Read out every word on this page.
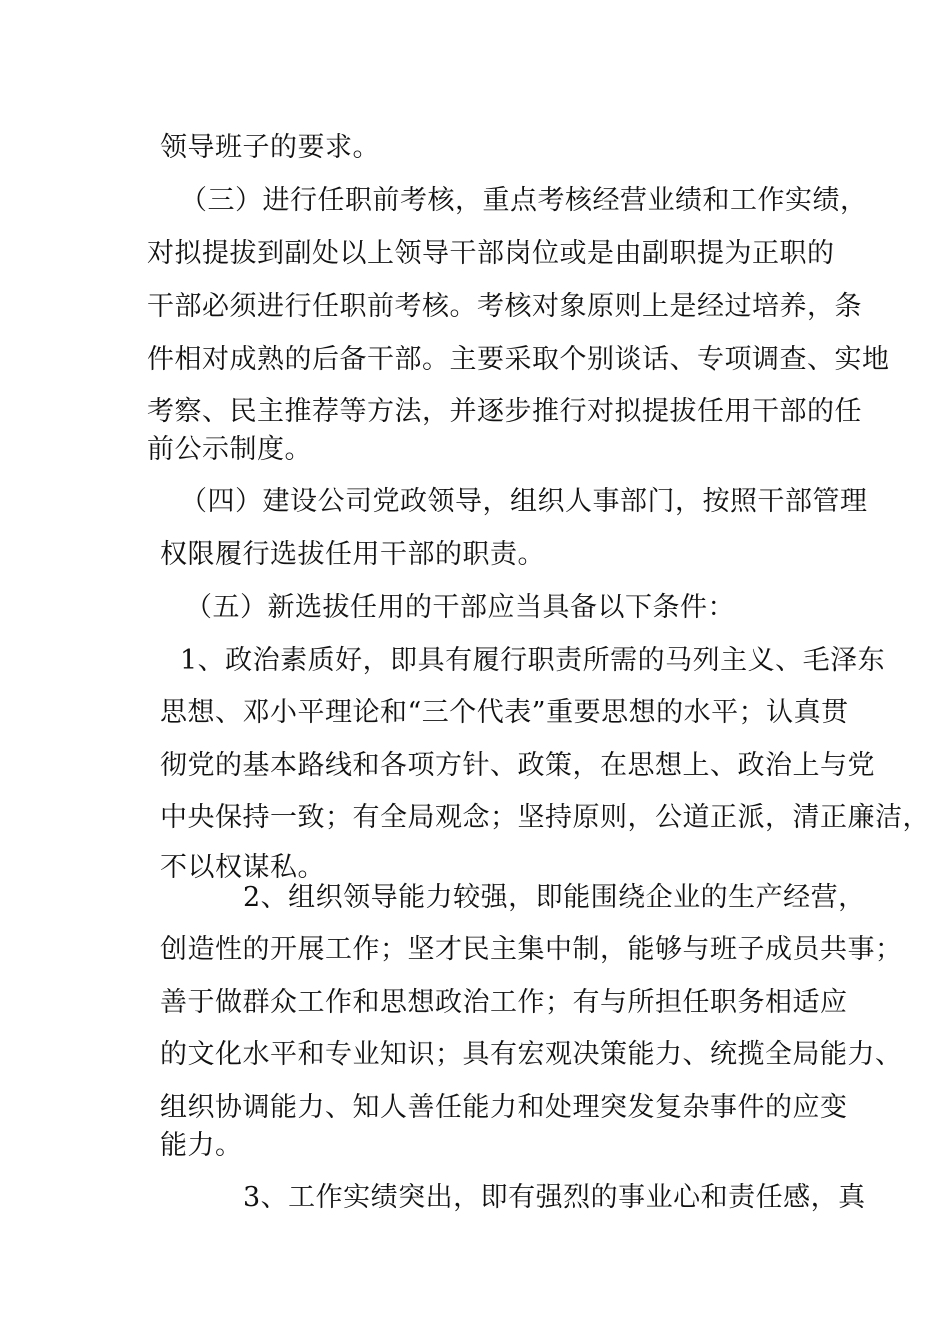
领导班子的要求。
（三）进行任职前考核，重点考核经营业绩和工作实绩，
对拟提拔到副处以上领导干部岗位或是由副职提为正职的
干部必须进行任职前考核。考核对象原则上是经过培养，条
件相对成熟的后备干部。主要采取个别谈话、专项调查、实地
考察、民主推荐等方法，并逐步推行对拟提拔任用干部的任
前公示制度。
（四）建设公司党政领导，组织人事部门，按照干部管理
权限履行选拔任用干部的职责。
（五）新选拔任用的干部应当具备以下条件：
1、政治素质好，即具有履行职责所需的马列主义、毛泽东
思想、邓小平理论和“三个代表”重要思想的水平；认真贯
彻党的基本路线和各项方针、政策，在思想上、政治上与党
中央保持一致；有全局观念；坚持原则，公道正派，清正廉洁，
不以权谋私。
2、组织领导能力较强，即能围绕企业的生产经营，
创造性的开展工作；坚才民主集中制，能够与班子成员共事；
善于做群众工作和思想政治工作；有与所担任职务相适应
的文化水平和专业知识；具有宏观决策能力、统揽全局能力、
组织协调能力、知人善任能力和处理突发复杂事件的应变
能力。
3、工作实绩突出，即有强烈的事业心和责任感，真
